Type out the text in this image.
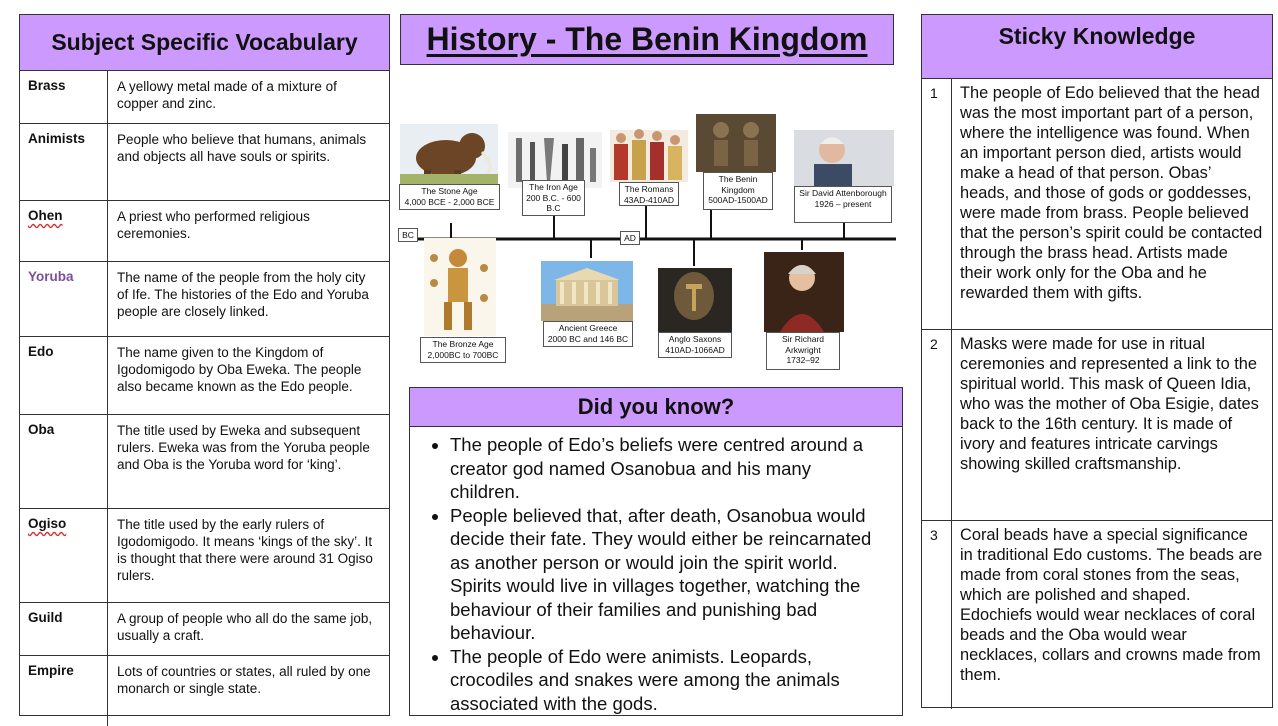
Subject Specific Vocabulary
Brass	A yellowy metal made of a mixture of copper and zinc.
Animists	People who believe that humans, animals and objects all have souls or spirits.
Ohen	A priest who performed religious ceremonies.
Yoruba	The name of the people from the holy city of Ife. The histories of the Edo and Yoruba people are closely linked.
Edo	The name given to the Kingdom of Igodomigodo by Oba Eweka. The people also became known as the Edo people.
Oba	The title used by Eweka and subsequent rulers. Eweka was from the Yoruba people and Oba is the Yoruba word for ‘king’.
Ogiso	The title used by the early rulers of Igodomigodo. It means ‘kings of the sky’. It is thought that there were around 31 Ogiso rulers.
Guild	A group of people who all do the same job, usually a craft.
Empire	Lots of countries or states, all ruled by one monarch or single state.
History - The Benin Kingdom
BC	AD
The Stone Age
4,000 BCE - 2,000 BCE
The Iron Age
200 B.C. - 600 B.C
The Romans
43AD-410AD
The Benin Kingdom
500AD-1500AD
Sir David Attenborough
1926 – present
The Bronze Age
2,000BC to 700BC
Ancient Greece
2000 BC and 146 BC	Anglo Saxons
410AD-1066AD
Sir Richard Arkwright
1732–92
Did you know?
• The people of Edo’s beliefs were centred around a creator god named Osanobua and his many children.
• People believed that, after death, Osanobua would decide their fate. They would either be reincarnated as another person or would join the spirit world. Spirits would live in villages together, watching the behaviour of their families and punishing bad behaviour.
• The people of Edo were animists. Leopards, crocodiles and snakes were among the animals associated with the gods.
Sticky Knowledge
1	The people of Edo believed that the head was the most important part of a person, where the intelligence was found. When an important person died, artists would make a head of that person. Obas’ heads, and those of gods or goddesses, were made from brass. People believed that the person’s spirit could be contacted through the brass head. Artists made their work only for the Oba and he rewarded them with gifts.
2	Masks were made for use in ritual ceremonies and represented a link to the spiritual world. This mask of Queen Idia, who was the mother of Oba Esigie, dates back to the 16th century. It is made of ivory and features intricate carvings showing skilled craftsmanship.
3	Coral beads have a special significance in traditional Edo customs. The beads are made from coral stones from the seas, which are polished and shaped. Edochiefs would wear necklaces of coral beads and the Oba would wear necklaces, collars and crowns made from them.
